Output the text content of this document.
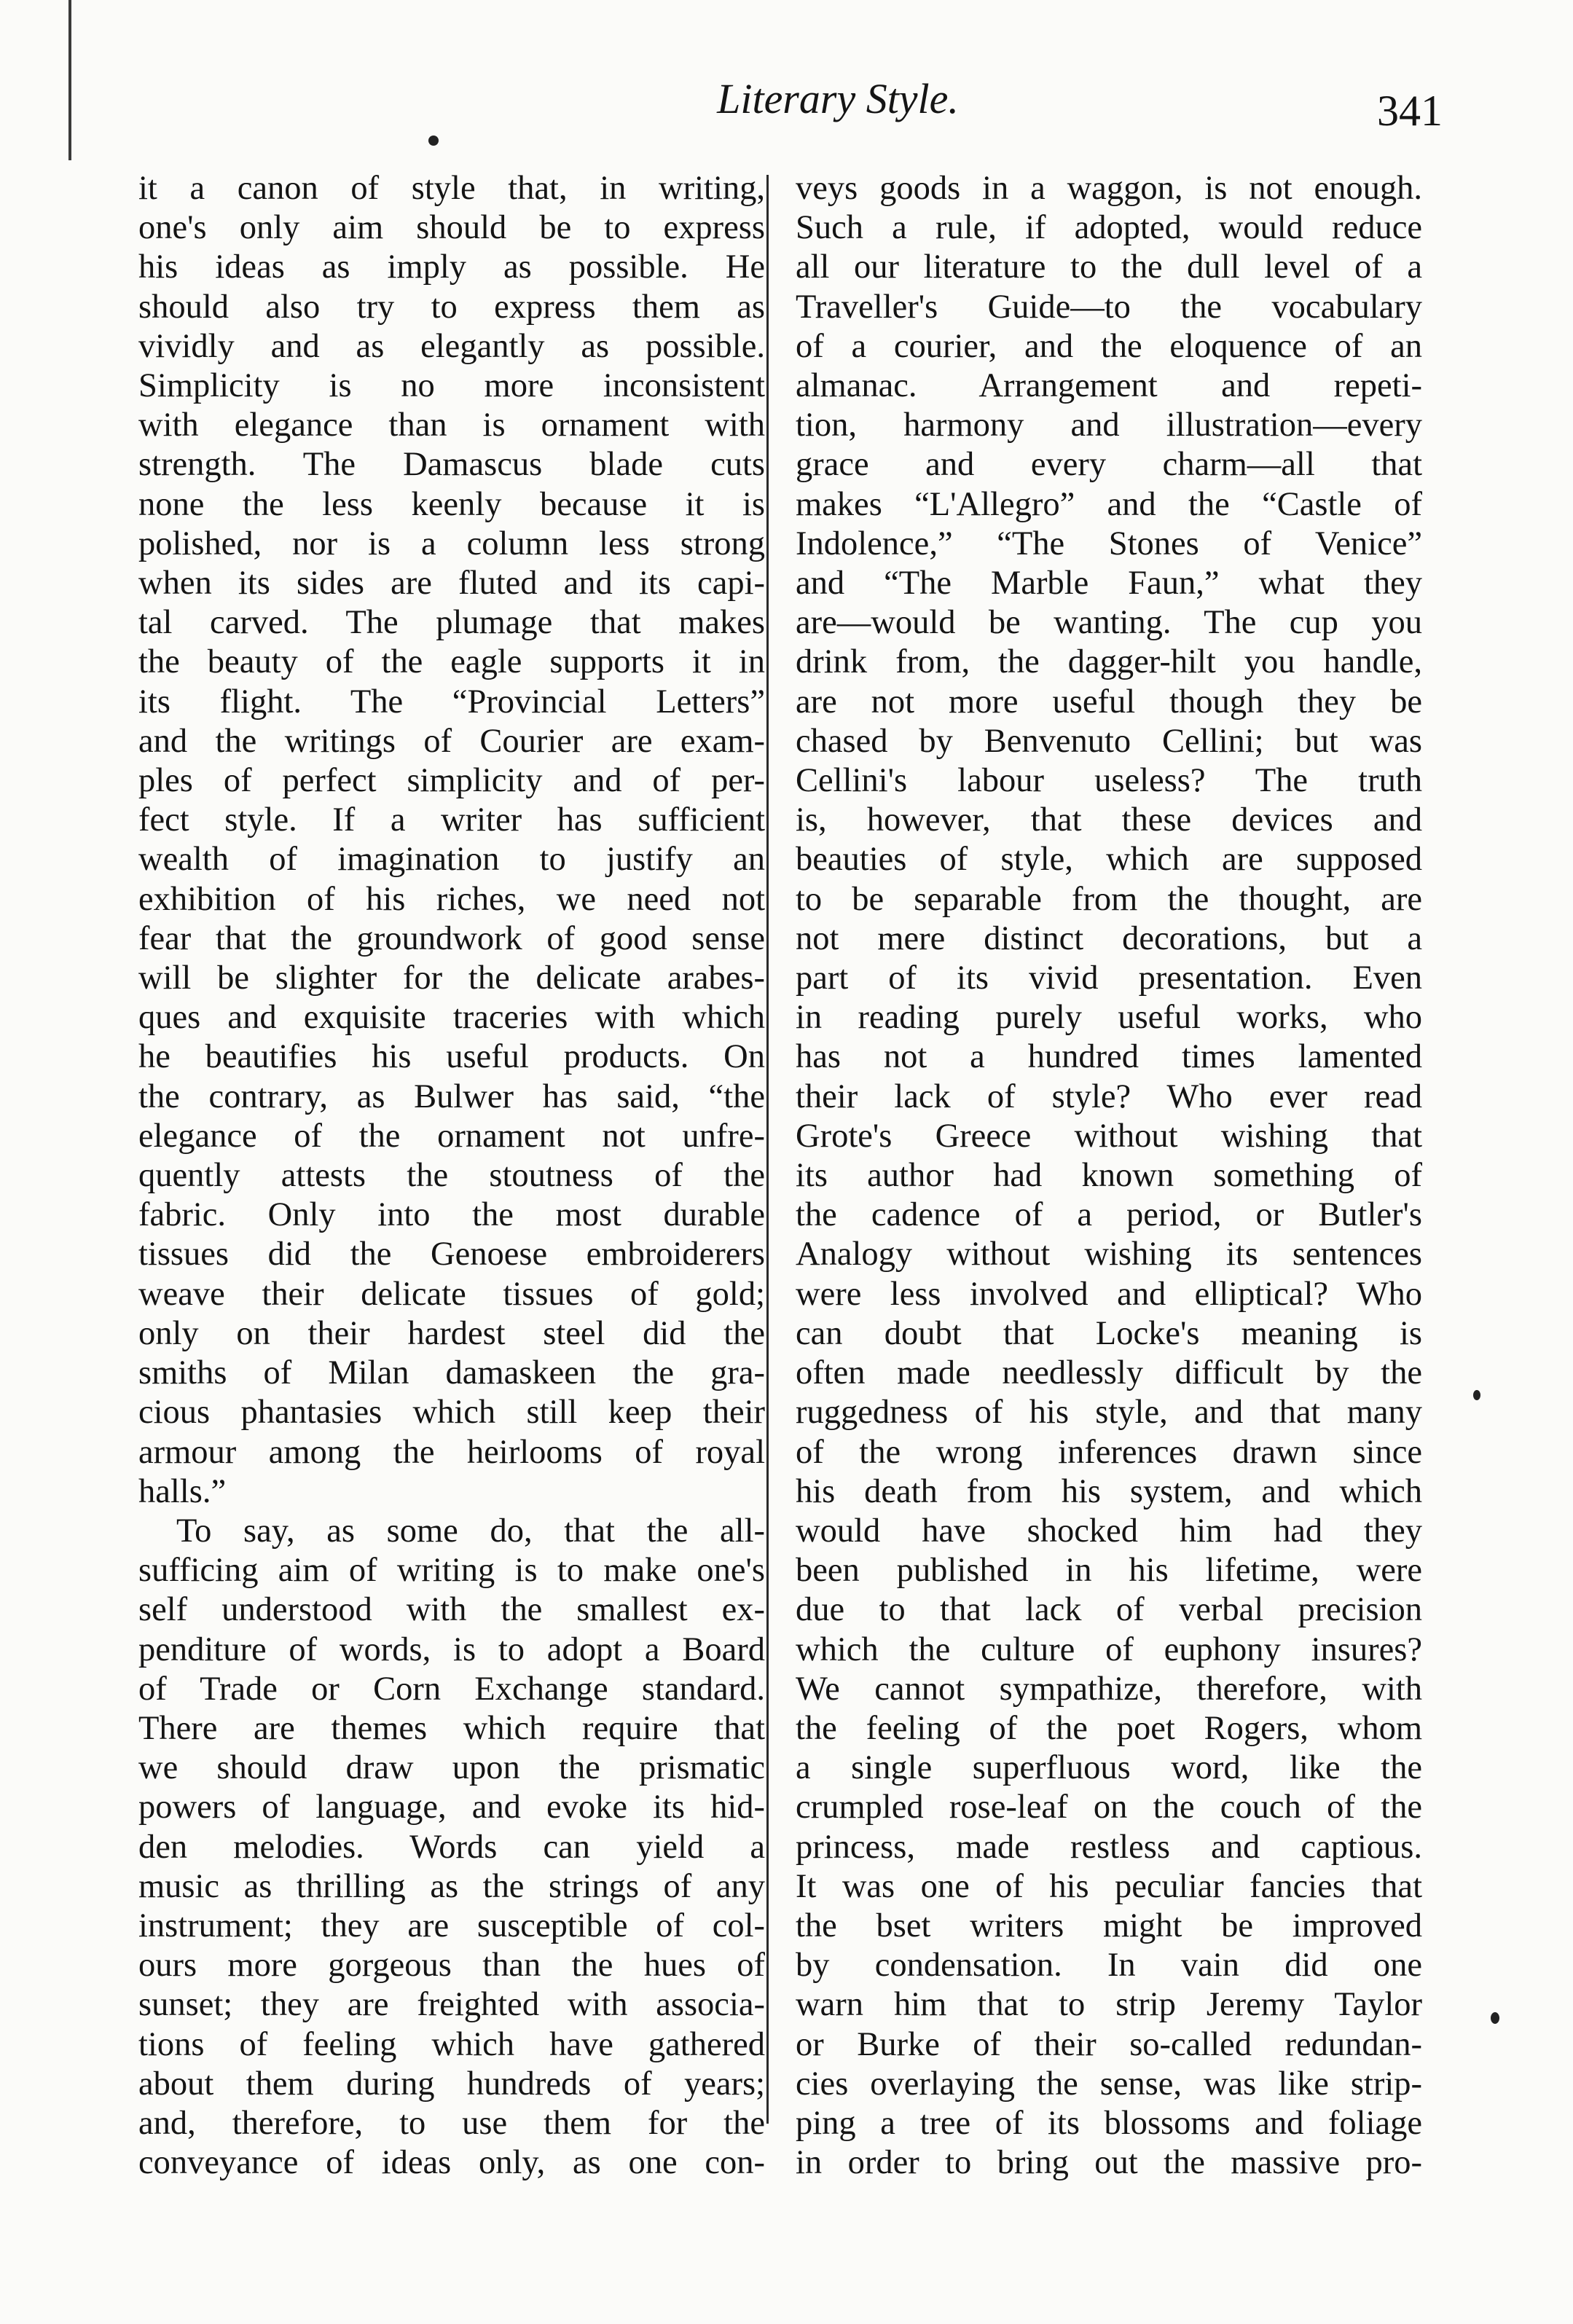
Literary Style.	341
it a canon of style that, in writing,
one's only aim should be to express
his ideas as imply as possible. He
should also try to express them as
vividly and as elegantly as possible.
Simplicity is no more inconsistent
with elegance than is ornament with
strength. The Damascus blade cuts
none the less keenly because it is
polished, nor is a column less strong
when its sides are fluted and its capi-
tal carved. The plumage that makes
the beauty of the eagle supports it in
its flight. The “Provincial Letters”
and the writings of Courier are exam-
ples of perfect simplicity and of per-
fect style. If a writer has sufficient
wealth of imagination to justify an
exhibition of his riches, we need not
fear that the groundwork of good sense
will be slighter for the delicate arabes-
ques and exquisite traceries with which
he beautifies his useful products. On
the contrary, as Bulwer has said, “the
elegance of the ornament not unfre-
quently attests the stoutness of the
fabric. Only into the most durable
tissues did the Genoese embroiderers
weave their delicate tissues of gold;
only on their hardest steel did the
smiths of Milan damaskeen the gra-
cious phantasies which still keep their
armour among the heirlooms of royal
halls.”
To say, as some do, that the all-
sufficing aim of writing is to make one's
self understood with the smallest ex-
penditure of words, is to adopt a Board
of Trade or Corn Exchange standard.
There are themes which require that
we should draw upon the prismatic
powers of language, and evoke its hid-
den melodies. Words can yield a
music as thrilling as the strings of any
instrument; they are susceptible of col-
ours more gorgeous than the hues of
sunset; they are freighted with associa-
tions of feeling which have gathered
about them during hundreds of years;
and, therefore, to use them for the
conveyance of ideas only, as one con-
veys goods in a waggon, is not enough.
Such a rule, if adopted, would reduce
all our literature to the dull level of a
Traveller's Guide—to the vocabulary
of a courier, and the eloquence of an
almanac. Arrangement and repeti-
tion, harmony and illustration—every
grace and every charm—all that
makes “L'Allegro” and the “Castle of
Indolence,” “The Stones of Venice”
and “The Marble Faun,” what they
are—would be wanting. The cup you
drink from, the dagger-hilt you handle,
are not more useful though they be
chased by Benvenuto Cellini; but was
Cellini's labour useless? The truth
is, however, that these devices and
beauties of style, which are supposed
to be separable from the thought, are
not mere distinct decorations, but a
part of its vivid presentation. Even
in reading purely useful works, who
has not a hundred times lamented
their lack of style? Who ever read
Grote's Greece without wishing that
its author had known something of
the cadence of a period, or Butler's
Analogy without wishing its sentences
were less involved and elliptical? Who
can doubt that Locke's meaning is
often made needlessly difficult by the
ruggedness of his style, and that many
of the wrong inferences drawn since
his death from his system, and which
would have shocked him had they
been published in his lifetime, were
due to that lack of verbal precision
which the culture of euphony insures?
We cannot sympathize, therefore, with
the feeling of the poet Rogers, whom
a single superfluous word, like the
crumpled rose-leaf on the couch of the
princess, made restless and captious.
It was one of his peculiar fancies that
the bset writers might be improved
by condensation. In vain did one
warn him that to strip Jeremy Taylor
or Burke of their so-called redundan-
cies overlaying the sense, was like strip-
ping a tree of its blossoms and foliage
in order to bring out the massive pro-
